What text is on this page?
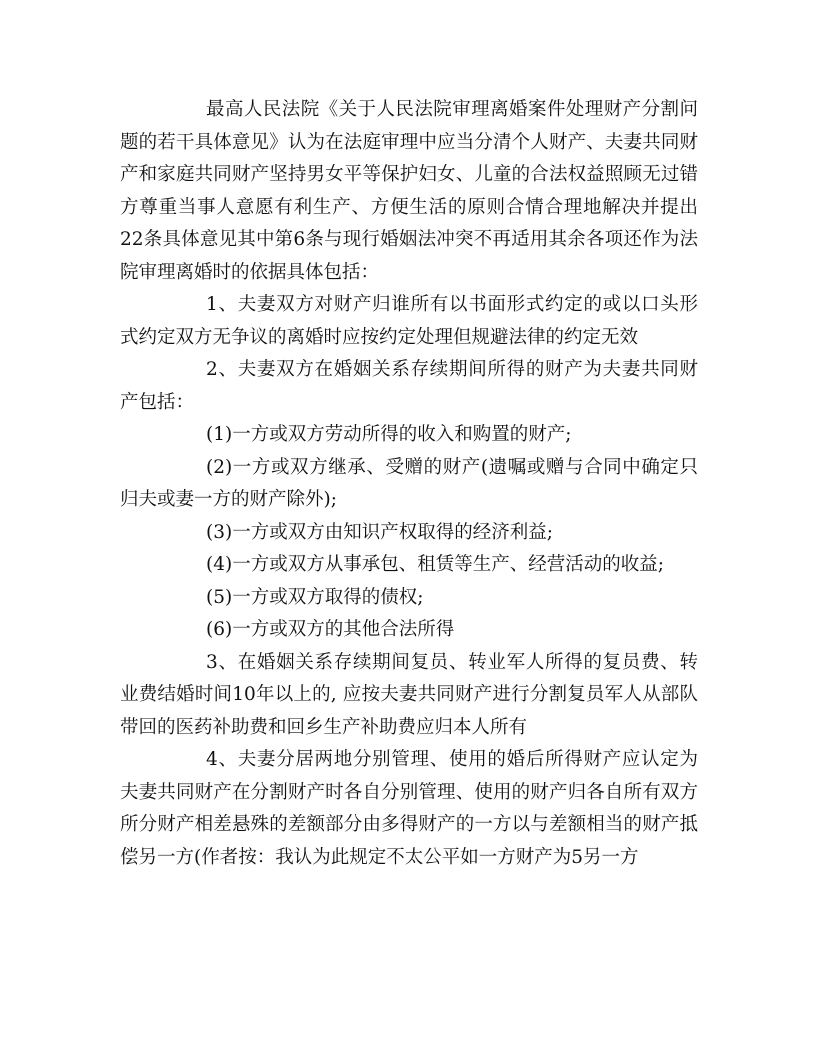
最高人民法院《关于人民法院审理离婚案件处理财产分割问题的若干具体意见》认为在法庭审理中应当分清个人财产、夫妻共同财产和家庭共同财产坚持男女平等保护妇女、儿童的合法权益照顾无过错方尊重当事人意愿有利生产、方便生活的原则合情合理地解决并提出22条具体意见其中第6条与现行婚姻法冲突不再适用其余各项还作为法院审理离婚时的依据具体包括：

1、夫妻双方对财产归谁所有以书面形式约定的或以口头形式约定双方无争议的离婚时应按约定处理但规避法律的约定无效

2、夫妻双方在婚姻关系存续期间所得的财产为夫妻共同财产包括：

(1)一方或双方劳动所得的收入和购置的财产;

(2)一方或双方继承、受赠的财产(遗嘱或赠与合同中确定只归夫或妻一方的财产除外);

(3)一方或双方由知识产权取得的经济利益;

(4)一方或双方从事承包、租赁等生产、经营活动的收益;

(5)一方或双方取得的债权;

(6)一方或双方的其他合法所得

3、在婚姻关系存续期间复员、转业军人所得的复员费、转业费结婚时间10年以上的, 应按夫妻共同财产进行分割复员军人从部队带回的医药补助费和回乡生产补助费应归本人所有

4、夫妻分居两地分别管理、使用的婚后所得财产应认定为夫妻共同财产在分割财产时各自分别管理、使用的财产归各自所有双方所分财产相差悬殊的差额部分由多得财产的一方以与差额相当的财产抵偿另一方(作者按：我认为此规定不太公平如一方财产为5另一方
